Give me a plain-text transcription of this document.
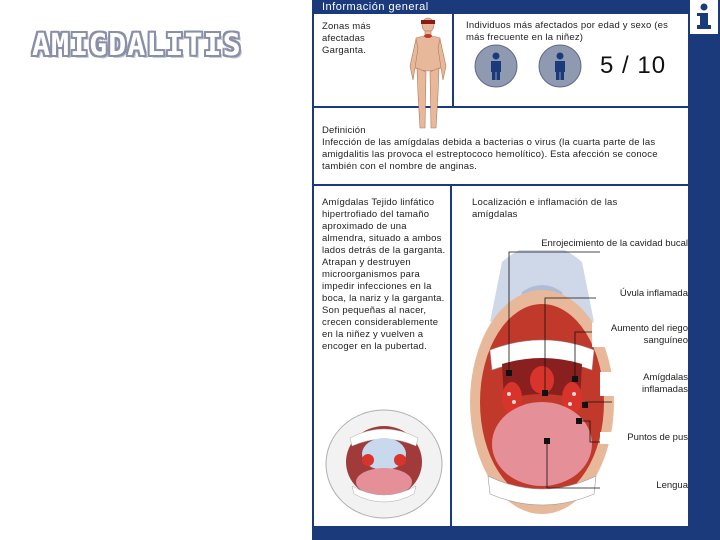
AMIGDALITIS
Información general
Zonas más afectadas Garganta.
Individuos más afectados por edad y sexo (es más frecuente en la niñez)
5 / 10
Definición
Infección de las amígdalas debida a bacterias o virus (la cuarta parte de las amigdalitis las provoca el estreptococo hemolítico). Esta afección se conoce también con el nombre de anginas.
Amígdalas Tejido linfático hipertrofiado del tamaño aproximado de una almendra, situado a ambos lados detrás de la garganta. Atrapan y destruyen microorganismos para impedir infecciones en la boca, la nariz y la garganta. Son pequeñas al nacer, crecen considerablemente en la niñez y vuelven a encoger en la pubertad.
Localización e inflamación de las amígdalas
Enrojecimiento de la cavidad bucal
Úvula inflamada
Aumento del riego sanguíneo
Amígdalas inflamadas
Puntos de pus
Lengua
